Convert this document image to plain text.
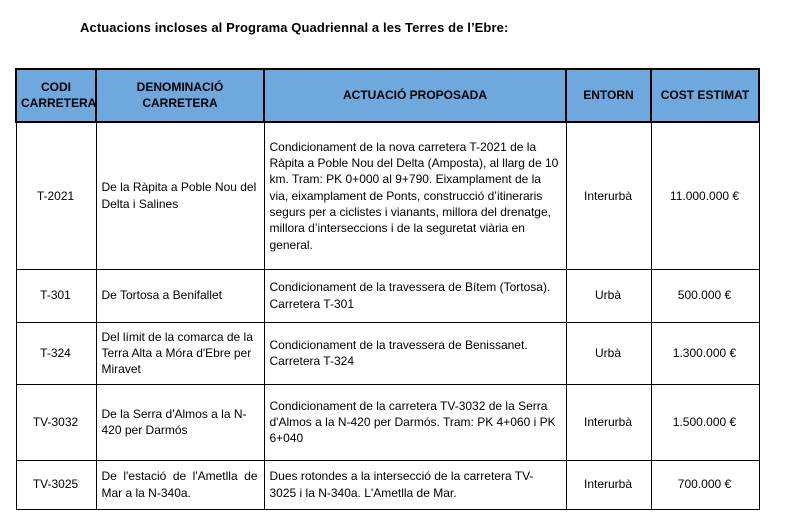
Actuacions incloses al Programa Quadriennal a les Terres de l’Ebre:

CODI CARRETERA	DENOMINACIÓ CARRETERA	ACTUACIÓ PROPOSADA	ENTORN	COST ESTIMAT
T-2021	De la Ràpita a Poble Nou del Delta i Salines	Condicionament de la nova carretera T-2021 de la Ràpita a Poble Nou del Delta (Amposta), al llarg de 10 km. Tram: PK 0+000 al 9+790. Eixamplament de la via, eixamplament de Ponts, construcció d’itineraris segurs per a ciclistes i vianants, millora del drenatge, millora d’interseccions i de la seguretat viària en general.	Interurbà	11.000.000 €
T-301	De Tortosa a Benifallet	Condicionament de la travessera de Bítem (Tortosa). Carretera T-301	Urbà	500.000 €
T-324	Del límit de la comarca de la Terra Alta a Móra d'Ebre per Miravet	Condicionament de la travessera de Benissanet. Carretera T-324	Urbà	1.300.000 €
TV-3032	De la Serra d'Almos a la N-420 per Darmós	Condicionament de la carretera TV-3032 de la Serra d'Almos a la N-420 per Darmós. Tram: PK 4+060 i PK 6+040	Interurbà	1.500.000 €
TV-3025	De l'estació de l'Ametlla de Mar a la N-340a.	Dues rotondes a la intersecció de la carretera TV-3025 i la N-340a. L'Ametlla de Mar.	Interurbà	700.000 €
